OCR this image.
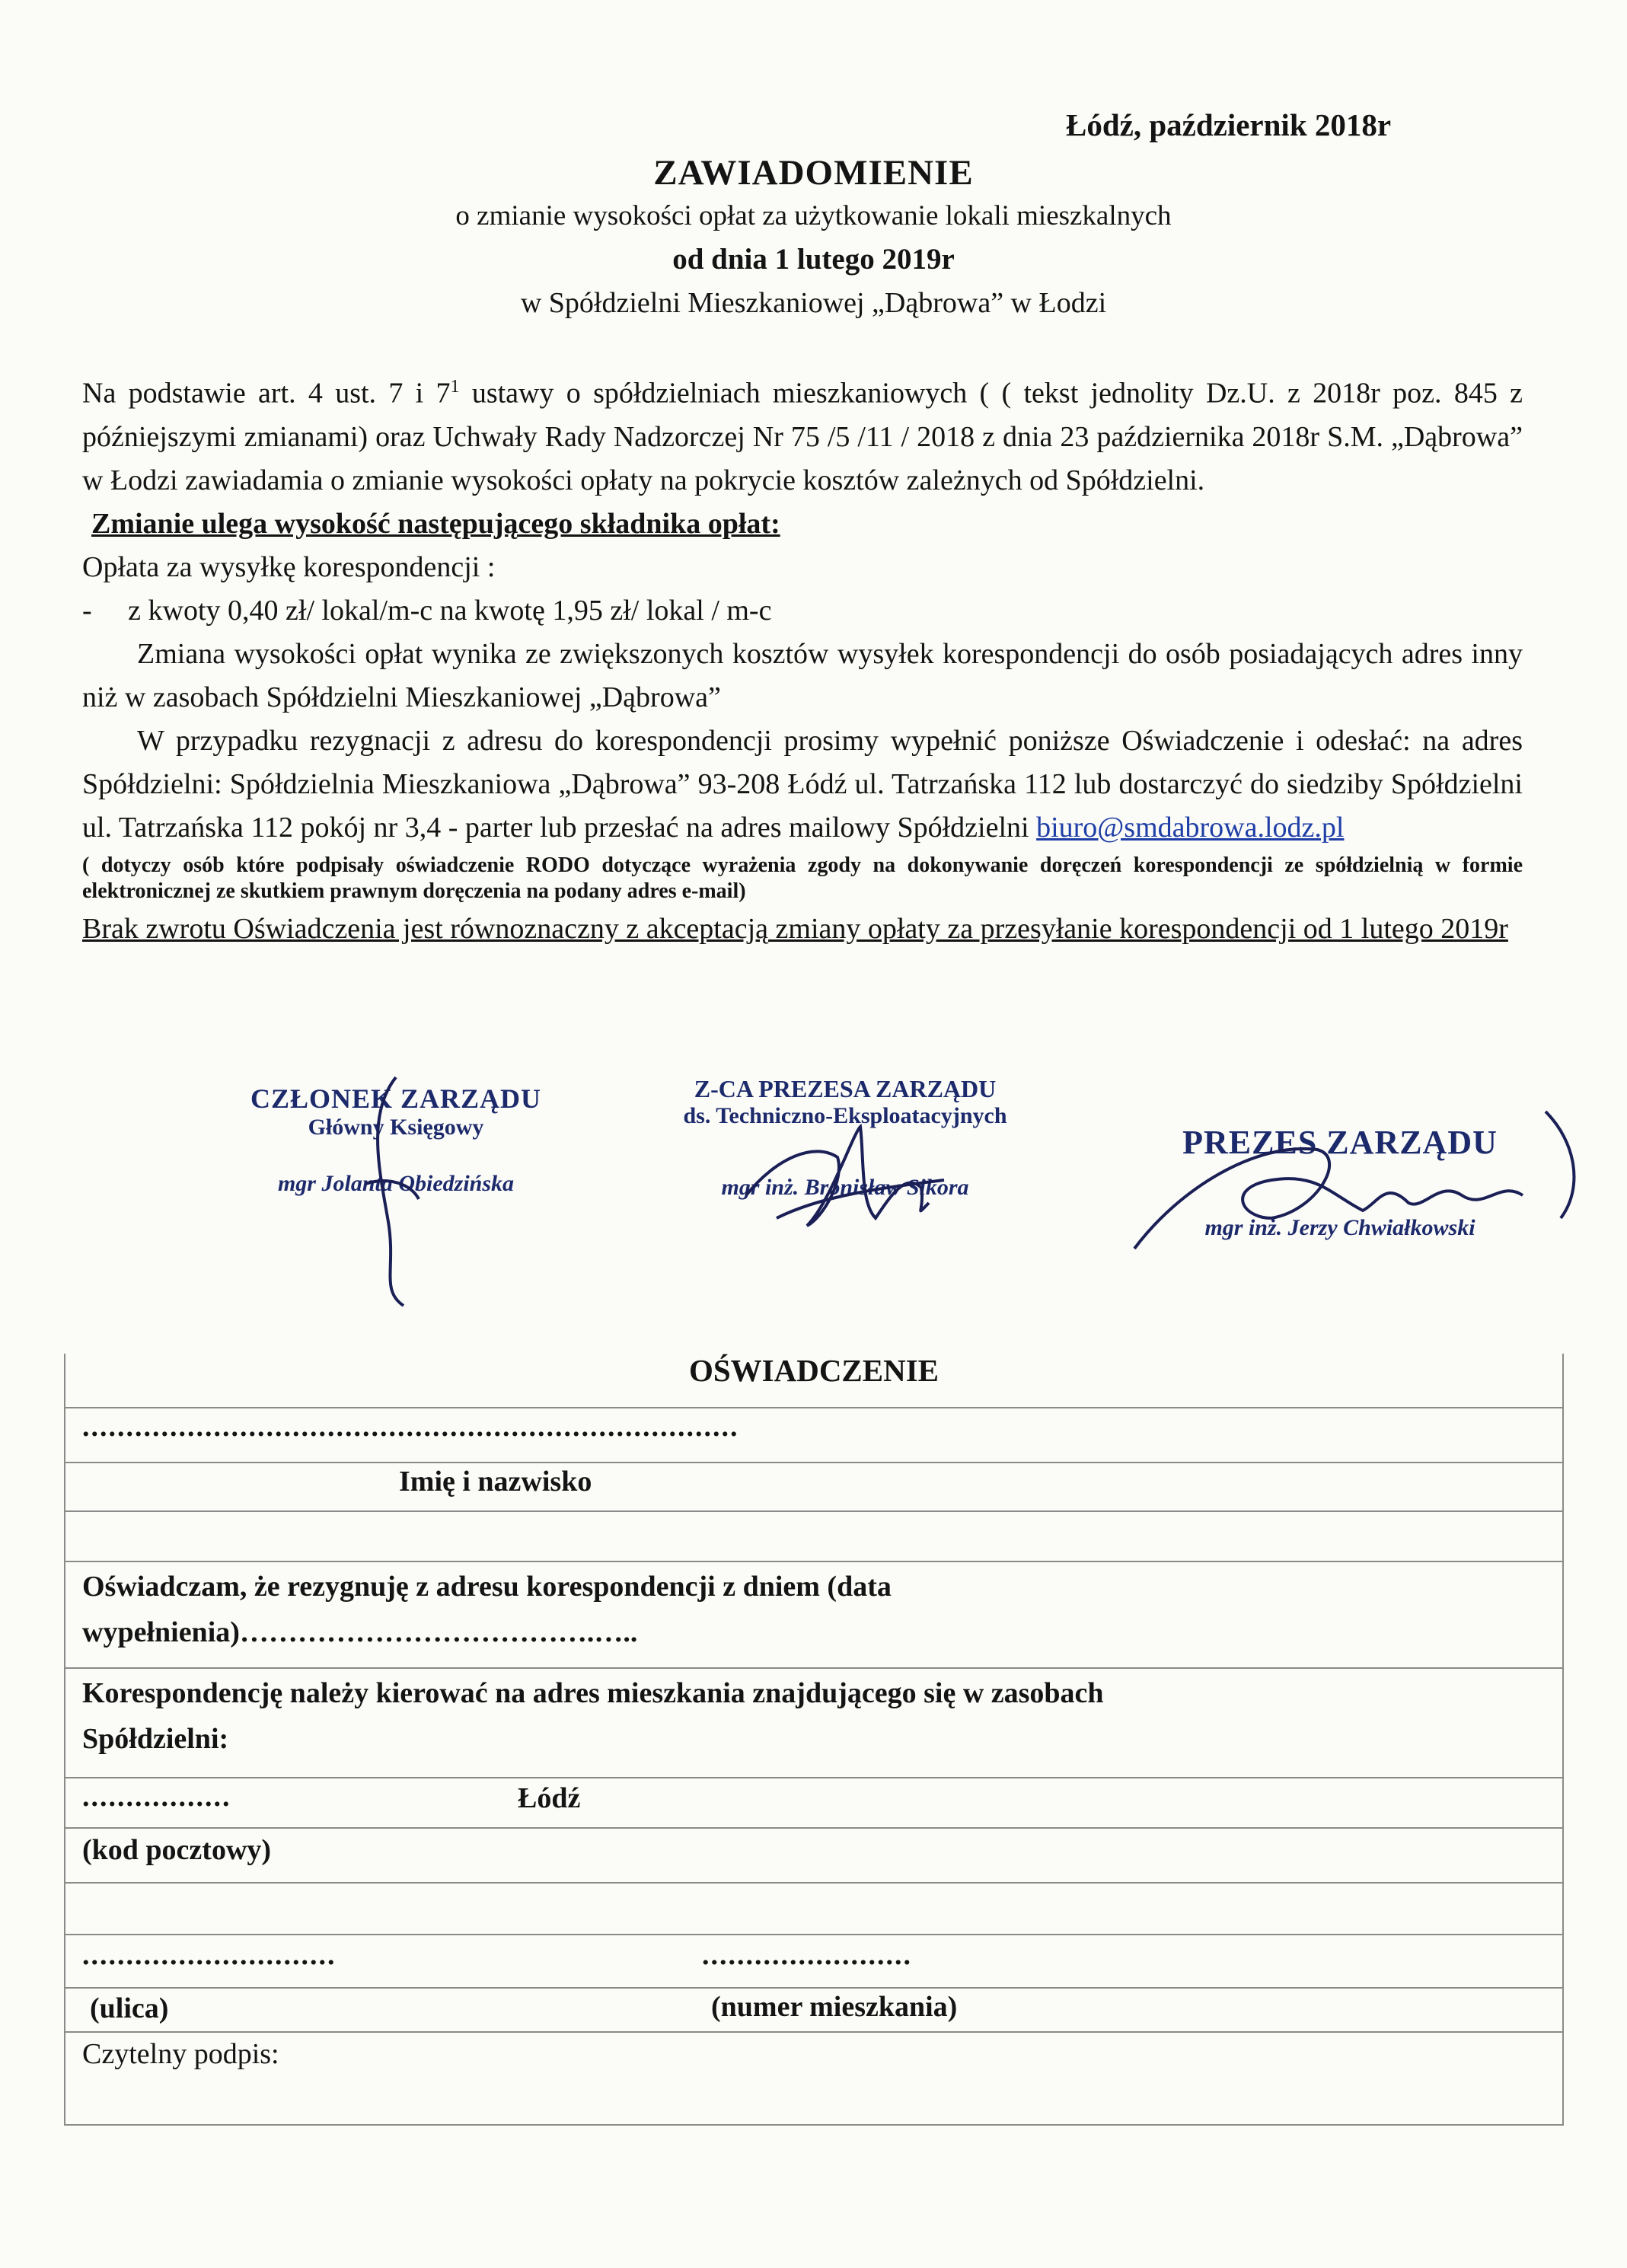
Łódź, październik 2018r
ZAWIADOMIENIE
o zmianie wysokości opłat za użytkowanie lokali mieszkalnych
od dnia 1 lutego 2019r
w Spółdzielni Mieszkaniowej „Dąbrowa” w Łodzi

Na podstawie art. 4 ust. 7 i $7^1$ ustawy o spółdzielniach mieszkaniowych ( ( tekst jednolity Dz.U. z 2018r poz. 845 z późniejszymi zmianami) oraz Uchwały Rady Nadzorczej Nr 75 /5 /11 / 2018 z dnia 23 października 2018r S.M. „Dąbrowa” w Łodzi zawiadamia o zmianie wysokości opłaty na pokrycie kosztów zależnych od Spółdzielni.

Zmianie ulega wysokość następującego składnika opłat:

Opłata za wysyłkę korespondencji :

-     z kwoty 0,40 zł/ lokal/m-c na kwotę 1,95 zł/ lokal / m-c

Zmiana wysokości opłat wynika ze zwiększonych kosztów wysyłek korespondencji do osób posiadających adres inny niż w zasobach Spółdzielni Mieszkaniowej „Dąbrowa”

W przypadku rezygnacji z adresu do korespondencji prosimy wypełnić poniższe Oświadczenie i odesłać: na adres Spółdzielni: Spółdzielnia Mieszkaniowa „Dąbrowa” 93-208 Łódź ul. Tatrzańska 112 lub dostarczyć do siedziby Spółdzielni ul. Tatrzańska 112 pokój nr 3,4 - parter lub przesłać na adres mailowy Spółdzielni biuro@smdabrowa.lodz.pl

( dotyczy osób które podpisały oświadczenie RODO dotyczące wyrażenia zgody na dokonywanie doręczeń korespondencji ze spółdzielnią w formie elektronicznej ze skutkiem prawnym doręczenia na podany adres e-mail)

Brak zwrotu Oświadczenia jest równoznaczny z akceptacją zmiany opłaty za przesyłanie korespondencji od 1 lutego 2019r

CZŁONEK ZARZĄDU
Główny Księgowy
mgr Jolanta Obiedzińska
Z-CA PREZESA ZARZĄDU
ds. Techniczno-Eksploatacyjnych
mgr inż. Bronisław Sikora
PREZES ZARZĄDU
mgr inż. Jerzy Chwiałkowski
OŚWIADCZENIE
...........................................................................
Imię i nazwisko
Oświadczam, że rezygnuję z adresu korespondencji z dniem (data
wypełnienia)……………………………….…..
Korespondencję należy kierować na adres mieszkania znajdującego się w zasobach
Spółdzielni:
.................	Łódź
(kod pocztowy)
.............................	........................
(ulica)	(numer mieszkania)
Czytelny podpis:
